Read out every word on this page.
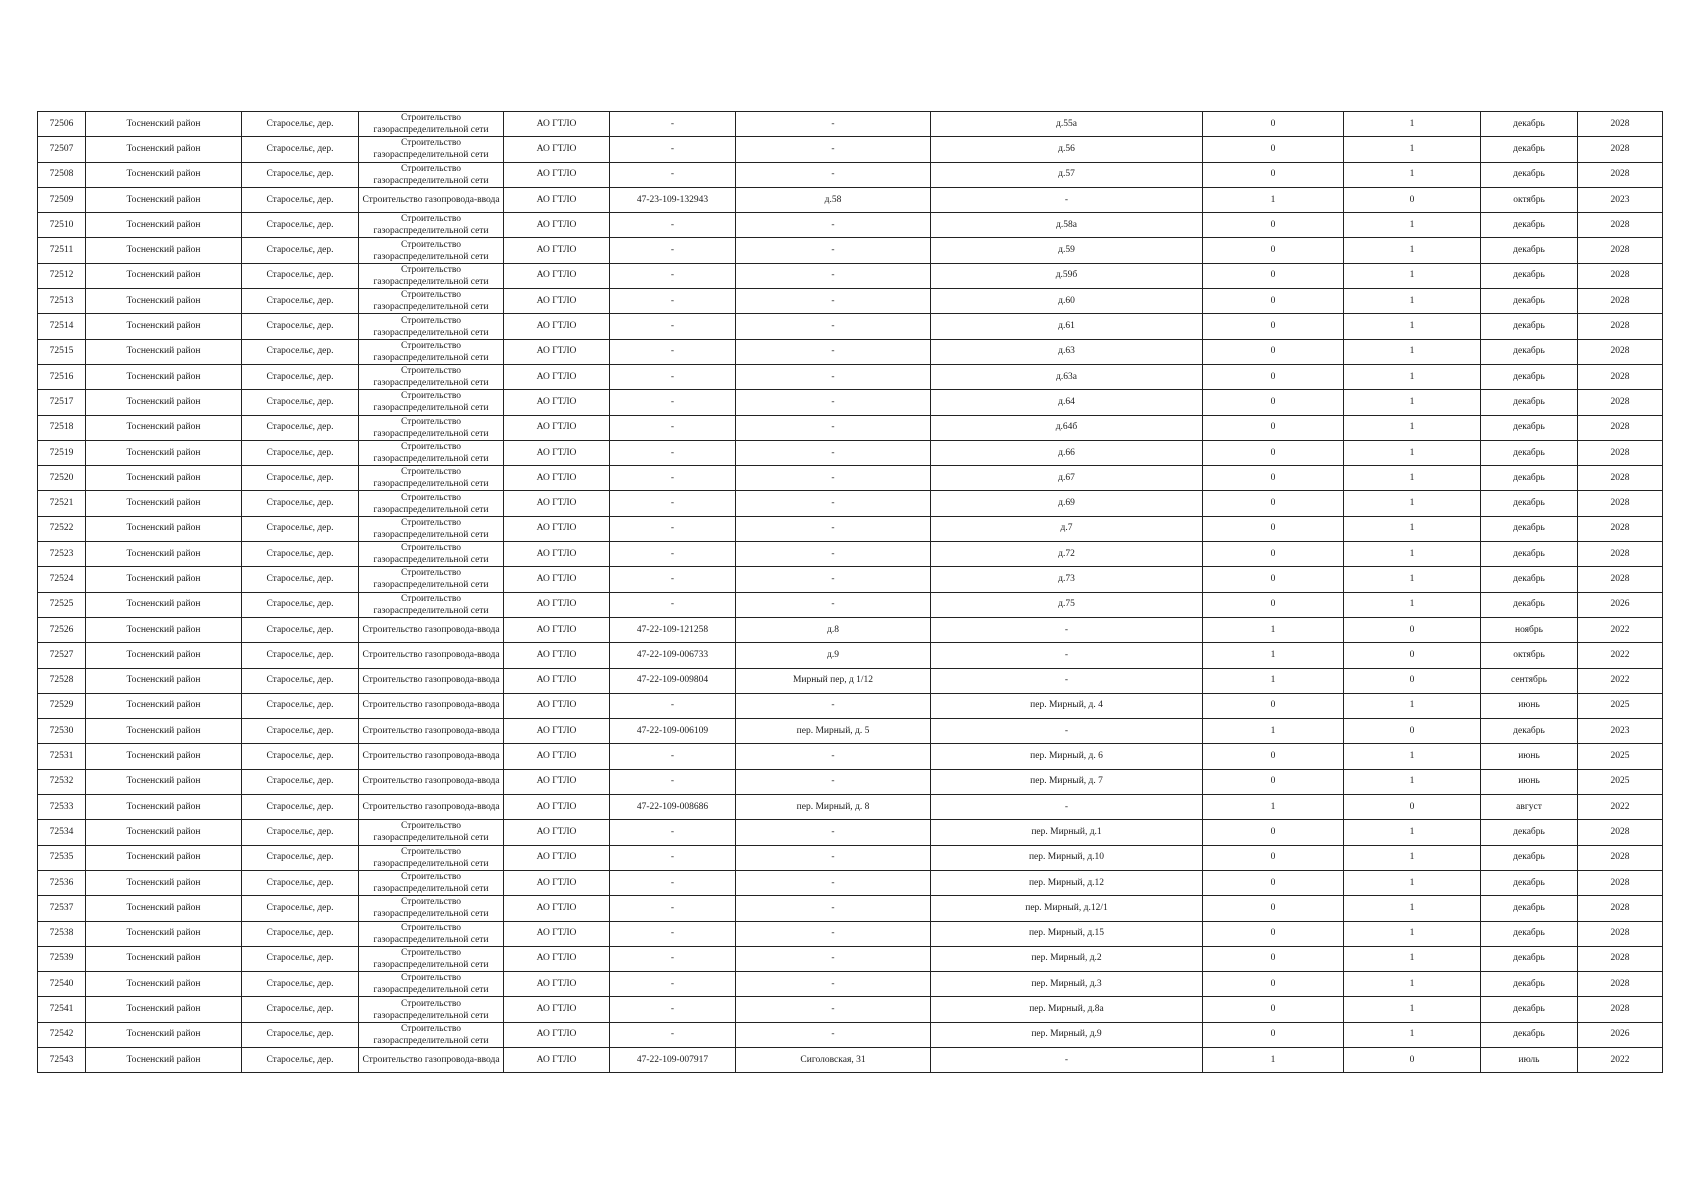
72506	Тосненский район	Старосельє, дер.	Строительство газораспределительной сети	АО ГТЛО	-	-	д.55а	0	1	декабрь	2028
72507	Тосненский район	Старосельє, дер.	Строительство газораспределительной сети	АО ГТЛО	-	-	д.56	0	1	декабрь	2028
72508	Тосненский район	Старосельє, дер.	Строительство газораспределительной сети	АО ГТЛО	-	-	д.57	0	1	декабрь	2028
72509	Тосненский район	Старосельє, дер.	Строительство газопровода-ввода	АО ГТЛО	47-23-109-132943	д.58	-	1	0	октябрь	2023
72510	Тосненский район	Старосельє, дер.	Строительство газораспределительной сети	АО ГТЛО	-	-	д.58а	0	1	декабрь	2028
72511	Тосненский район	Старосельє, дер.	Строительство газораспределительной сети	АО ГТЛО	-	-	д.59	0	1	декабрь	2028
72512	Тосненский район	Старосельє, дер.	Строительство газораспределительной сети	АО ГТЛО	-	-	д.59б	0	1	декабрь	2028
72513	Тосненский район	Старосельє, дер.	Строительство газораспределительной сети	АО ГТЛО	-	-	д.60	0	1	декабрь	2028
72514	Тосненский район	Старосельє, дер.	Строительство газораспределительной сети	АО ГТЛО	-	-	д.61	0	1	декабрь	2028
72515	Тосненский район	Старосельє, дер.	Строительство газораспределительной сети	АО ГТЛО	-	-	д.63	0	1	декабрь	2028
72516	Тосненский район	Старосельє, дер.	Строительство газораспределительной сети	АО ГТЛО	-	-	д.63а	0	1	декабрь	2028
72517	Тосненский район	Старосельє, дер.	Строительство газораспределительной сети	АО ГТЛО	-	-	д.64	0	1	декабрь	2028
72518	Тосненский район	Старосельє, дер.	Строительство газораспределительной сети	АО ГТЛО	-	-	д.64б	0	1	декабрь	2028
72519	Тосненский район	Старосельє, дер.	Строительство газораспределительной сети	АО ГТЛО	-	-	д.66	0	1	декабрь	2028
72520	Тосненский район	Старосельє, дер.	Строительство газораспределительной сети	АО ГТЛО	-	-	д.67	0	1	декабрь	2028
72521	Тосненский район	Старосельє, дер.	Строительство газораспределительной сети	АО ГТЛО	-	-	д.69	0	1	декабрь	2028
72522	Тосненский район	Старосельє, дер.	Строительство газораспределительной сети	АО ГТЛО	-	-	д.7	0	1	декабрь	2028
72523	Тосненский район	Старосельє, дер.	Строительство газораспределительной сети	АО ГТЛО	-	-	д.72	0	1	декабрь	2028
72524	Тосненский район	Старосельє, дер.	Строительство газораспределительной сети	АО ГТЛО	-	-	д.73	0	1	декабрь	2028
72525	Тосненский район	Старосельє, дер.	Строительство газораспределительной сети	АО ГТЛО	-	-	д.75	0	1	декабрь	2026
72526	Тосненский район	Старосельє, дер.	Строительство газопровода-ввода	АО ГТЛО	47-22-109-121258	д.8	-	1	0	ноябрь	2022
72527	Тосненский район	Старосельє, дер.	Строительство газопровода-ввода	АО ГТЛО	47-22-109-006733	д.9	-	1	0	октябрь	2022
72528	Тосненский район	Старосельє, дер.	Строительство газопровода-ввода	АО ГТЛО	47-22-109-009804	Мирный пер, д 1/12	-	1	0	сентябрь	2022
72529	Тосненский район	Старосельє, дер.	Строительство газопровода-ввода	АО ГТЛО	-	-	пер. Мирный, д. 4	0	1	июнь	2025
72530	Тосненский район	Старосельє, дер.	Строительство газопровода-ввода	АО ГТЛО	47-22-109-006109	пер. Мирный, д. 5	-	1	0	декабрь	2023
72531	Тосненский район	Старосельє, дер.	Строительство газопровода-ввода	АО ГТЛО	-	-	пер. Мирный, д. 6	0	1	июнь	2025
72532	Тосненский район	Старосельє, дер.	Строительство газопровода-ввода	АО ГТЛО	-	-	пер. Мирный, д. 7	0	1	июнь	2025
72533	Тосненский район	Старосельє, дер.	Строительство газопровода-ввода	АО ГТЛО	47-22-109-008686	пер. Мирный, д. 8	-	1	0	август	2022
72534	Тосненский район	Старосельє, дер.	Строительство газораспределительной сети	АО ГТЛО	-	-	пер. Мирный, д.1	0	1	декабрь	2028
72535	Тосненский район	Старосельє, дер.	Строительство газораспределительной сети	АО ГТЛО	-	-	пер. Мирный, д.10	0	1	декабрь	2028
72536	Тосненский район	Старосельє, дер.	Строительство газораспределительной сети	АО ГТЛО	-	-	пер. Мирный, д.12	0	1	декабрь	2028
72537	Тосненский район	Старосельє, дер.	Строительство газораспределительной сети	АО ГТЛО	-	-	пер. Мирный, д.12/1	0	1	декабрь	2028
72538	Тосненский район	Старосельє, дер.	Строительство газораспределительной сети	АО ГТЛО	-	-	пер. Мирный, д.15	0	1	декабрь	2028
72539	Тосненский район	Старосельє, дер.	Строительство газораспределительной сети	АО ГТЛО	-	-	пер. Мирный, д.2	0	1	декабрь	2028
72540	Тосненский район	Старосельє, дер.	Строительство газораспределительной сети	АО ГТЛО	-	-	пер. Мирный, д.3	0	1	декабрь	2028
72541	Тосненский район	Старосельє, дер.	Строительство газораспределительной сети	АО ГТЛО	-	-	пер. Мирный, д.8а	0	1	декабрь	2028
72542	Тосненский район	Старосельє, дер.	Строительство газораспределительной сети	АО ГТЛО	-	-	пер. Мирный, д.9	0	1	декабрь	2026
72543	Тосненский район	Старосельє, дер.	Строительство газопровода-ввода	АО ГТЛО	47-22-109-007917	Сиголовская, 31	-	1	0	июль	2022
